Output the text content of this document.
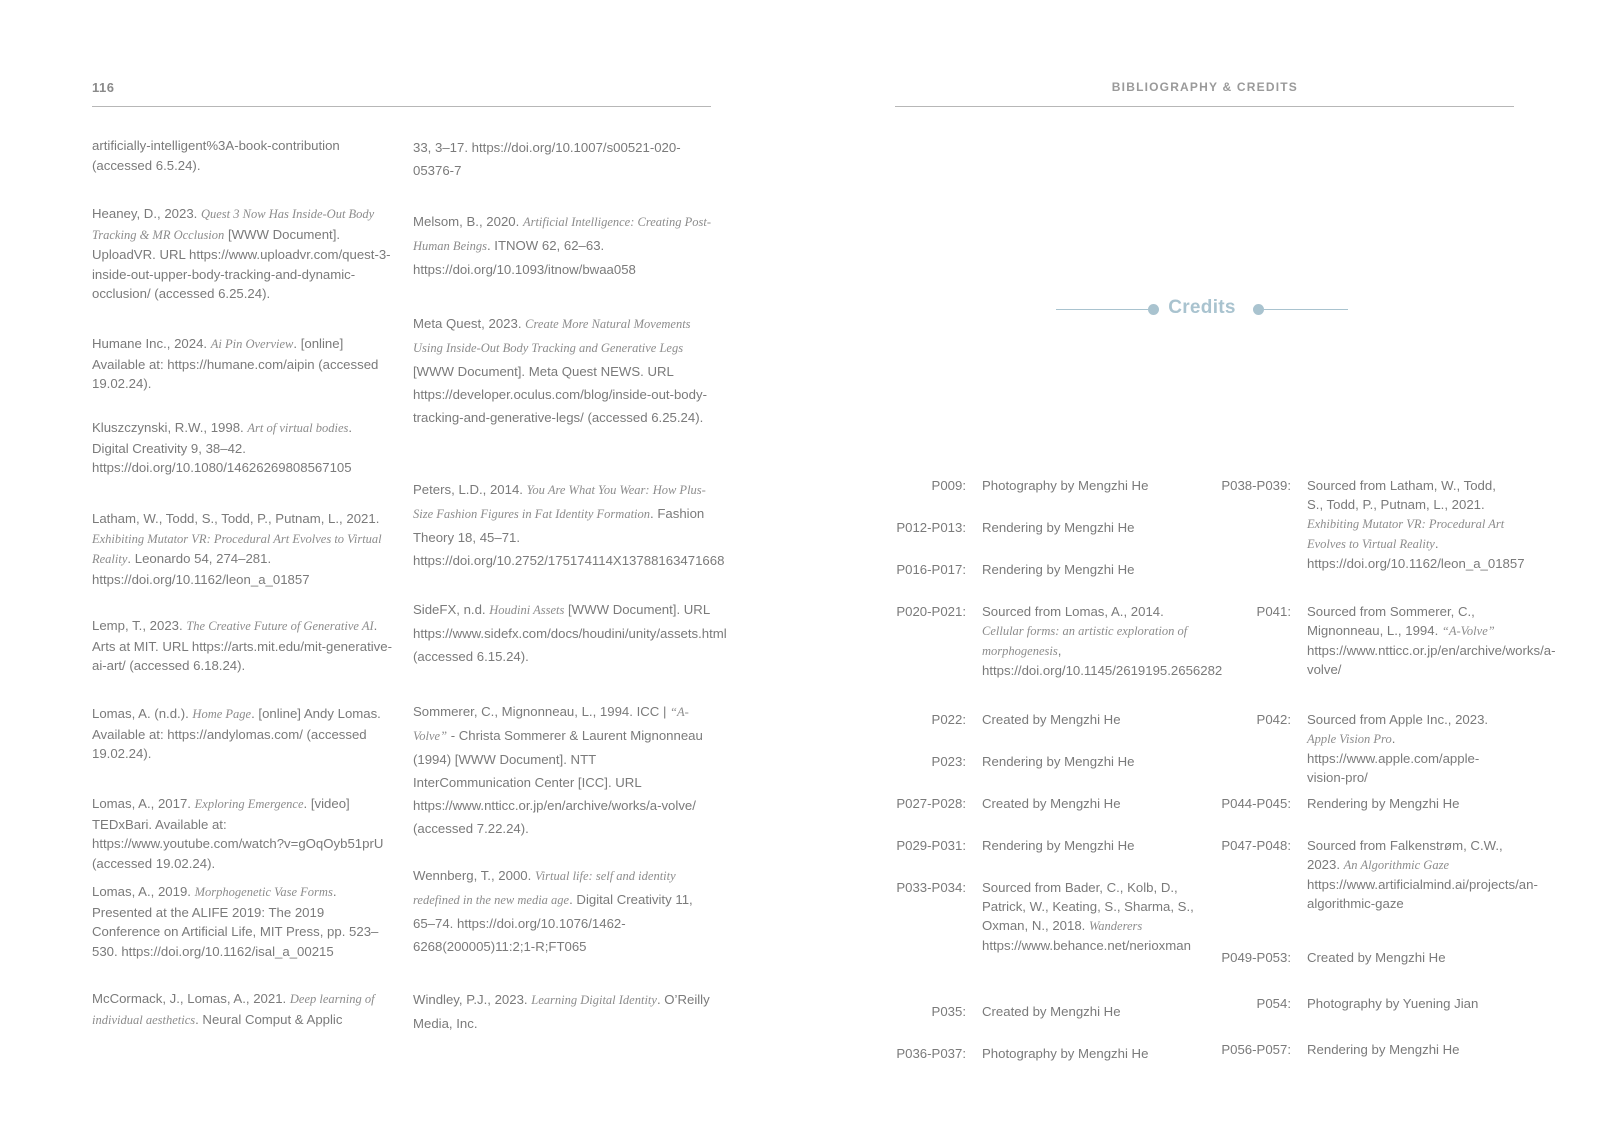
116	BIBLIOGRAPHY & CREDITS
artificially-intelligent%3A-book-contribution (accessed 6.5.24).
Heaney, D., 2023. Quest 3 Now Has Inside-Out Body Tracking & MR Occlusion [WWW Document]. UploadVR. URL https://www.uploadvr.com/quest-3-inside-out-upper-body-tracking-and-dynamic-occlusion/ (accessed 6.25.24).
Humane Inc., 2024. Ai Pin Overview. [online] Available at: https://humane.com/aipin (accessed 19.02.24).
Kluszczynski, R.W., 1998. Art of virtual bodies. Digital Creativity 9, 38–42. https://doi.org/10.1080/14626269808567105
Latham, W., Todd, S., Todd, P., Putnam, L., 2021. Exhibiting Mutator VR: Procedural Art Evolves to Virtual Reality. Leonardo 54, 274–281. https://doi.org/10.1162/leon_a_01857
Lemp, T., 2023. The Creative Future of Generative AI. Arts at MIT. URL https://arts.mit.edu/mit-generative-ai-art/ (accessed 6.18.24).
Lomas, A. (n.d.). Home Page. [online] Andy Lomas. Available at: https://andylomas.com/ (accessed 19.02.24).
Lomas, A., 2017. Exploring Emergence. [video] TEDxBari. Available at: https://www.youtube.com/watch?v=gOqOyb51prU (accessed 19.02.24).
Lomas, A., 2019. Morphogenetic Vase Forms. Presented at the ALIFE 2019: The 2019 Conference on Artificial Life, MIT Press, pp. 523–530. https://doi.org/10.1162/isal_a_00215
McCormack, J., Lomas, A., 2021. Deep learning of individual aesthetics. Neural Comput & Applic
33, 3–17. https://doi.org/10.1007/s00521-020-05376-7
Melsom, B., 2020. Artificial Intelligence: Creating Post-Human Beings. ITNOW 62, 62–63. https://doi.org/10.1093/itnow/bwaa058
Meta Quest, 2023. Create More Natural Movements Using Inside-Out Body Tracking and Generative Legs [WWW Document]. Meta Quest NEWS. URL https://developer.oculus.com/blog/inside-out-body-tracking-and-generative-legs/ (accessed 6.25.24).
Peters, L.D., 2014. You Are What You Wear: How Plus-Size Fashion Figures in Fat Identity Formation. Fashion Theory 18, 45–71. https://doi.org/10.2752/175174114X13788163471668
SideFX, n.d. Houdini Assets [WWW Document]. URL https://www.sidefx.com/docs/houdini/unity/assets.html (accessed 6.15.24).
Sommerer, C., Mignonneau, L., 1994. ICC | “A-Volve” - Christa Sommerer & Laurent Mignonneau (1994) [WWW Document]. NTT InterCommunication Center [ICC]. URL https://www.ntticc.or.jp/en/archive/works/a-volve/ (accessed 7.22.24).
Wennberg, T., 2000. Virtual life: self and identity redefined in the new media age. Digital Creativity 11, 65–74. https://doi.org/10.1076/1462-6268(200005)11:2;1-R;FT065
Windley, P.J., 2023. Learning Digital Identity. O’Reilly Media, Inc.
Credits
P009: Photography by Mengzhi He
P012-P013: Rendering by Mengzhi He
P016-P017: Rendering by Mengzhi He
P020-P021: Sourced from Lomas, A., 2014. Cellular forms: an artistic exploration of morphogenesis, https://doi.org/10.1145/2619195.2656282
P022: Created by Mengzhi He
P023: Rendering by Mengzhi He
P027-P028: Created by Mengzhi He
P029-P031: Rendering by Mengzhi He
P033-P034: Sourced from Bader, C., Kolb, D., Patrick, W., Keating, S., Sharma, S., Oxman, N., 2018. Wanderers https://www.behance.net/nerioxman
P035: Created by Mengzhi He
P036-P037: Photography by Mengzhi He
P038-P039: Sourced from Latham, W., Todd, S., Todd, P., Putnam, L., 2021. Exhibiting Mutator VR: Procedural Art Evolves to Virtual Reality. https://doi.org/10.1162/leon_a_01857
P041: Sourced from Sommerer, C., Mignonneau, L., 1994. “A-Volve” https://www.ntticc.or.jp/en/archive/works/a-volve/
P042: Sourced from Apple Inc., 2023. Apple Vision Pro. https://www.apple.com/apple-vision-pro/
P044-P045: Rendering by Mengzhi He
P047-P048: Sourced from Falkenstrøm, C.W., 2023. An Algorithmic Gaze https://www.artificialmind.ai/projects/an-algorithmic-gaze
P049-P053: Created by Mengzhi He
P054: Photography by Yuening Jian
P056-P057: Rendering by Mengzhi He
